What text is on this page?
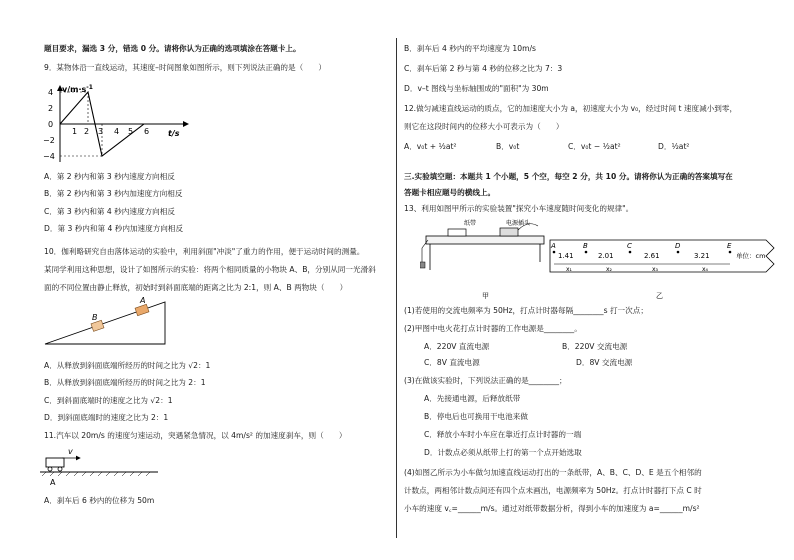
题目要求，漏选 3 分，错选 0 分。请将你认为正确的选项填涂在答题卡上。
9．某物体沿一直线运动，其速度–时间图象如图所示，则下列说法正确的是（　　）
$v/m\cdot s^{-1}$
t/s
4
2
0
−2
−4
1 2 3 4 5 6
A．第 2 秒内和第 3 秒内速度方向相反
B．第 2 秒内和第 3 秒内加速度方向相反
C．第 3 秒内和第 4 秒内速度方向相反
D．第 3 秒内和第 4 秒内加速度方向相反
10．伽利略研究自由落体运动的实验中，利用斜面"冲淡"了重力的作用，便于运动时间的测量。
某同学利用这种思想，设计了如图所示的实验：将两个相同质量的小物块 A、B，分别从同一光滑斜
面的不同位置由静止释放，初始时到斜面底端的距离之比为 2:1，则 A、B 两物块（　　）
A
B
A．从释放到斜面底端所经历的时间之比为 √2：1
B．从释放到斜面底端所经历的时间之比为 2：1
C．到斜面底端时的速度之比为 √2：1
D．到斜面底端时的速度之比为 2：1
11.汽车以 20m/s 的速度匀速运动，突遇紧急情况，以 4m/s² 的加速度刹车，则（　　）
v
A
A．刹车后 6 秒内的位移为 50m
B．刹车后 4 秒内的平均速度为 10m/s
C．刹车后第 2 秒与第 4 秒的位移之比为 7：3
D．v–t 图线与坐标轴围成的"面积"为 30m
12.做匀减速直线运动的质点，它的加速度大小为 a，初速度大小为 v₀，经过时间 t 速度减小到零，
则它在这段时间内的位移大小可表示为（　　）
A．v₀t + ½at²	B．v₀t	C．v₀t − ½at²	D．½at²
三.实验填空题：本题共 1 个小题，5 个空，每空 2 分，共 10 分。请将你认为正确的答案填写在
答题卡相应题号的横线上。
13、利用如图甲所示的实验装置"探究小车速度随时间变化的规律"。
纸带	电源插头
甲
A	B	C	D	E
1.41	2.01	2.61	3.21	单位：cm
x₁	x₂	x₃	x₄
乙
(1)若使用的交流电频率为 50Hz，打点计时器每隔________s 打一次点；
(2)甲图中电火花打点计时器的工作电源是________。
A．220V 直流电源	B．220V 交流电源
C．8V 直流电源	D．8V 交流电源
(3)在做该实验时，下列说法正确的是________；
A．先接通电源，后释放纸带
B．停电后也可换用干电池来做
C．释放小车时小车应在靠近打点计时器的一端
D．计数点必须从纸带上打的第一个点开始选取
(4)如图乙所示为小车做匀加速直线运动打出的一条纸带，A、B、C、D、E 是五个相邻的
计数点，两相邻计数点间还有四个点未画出，电源频率为 50Hz。打点计时器打下点 C 时
小车的速度 v꜀=______m/s。通过对纸带数据分析，得到小车的加速度为 a=______m/s²
